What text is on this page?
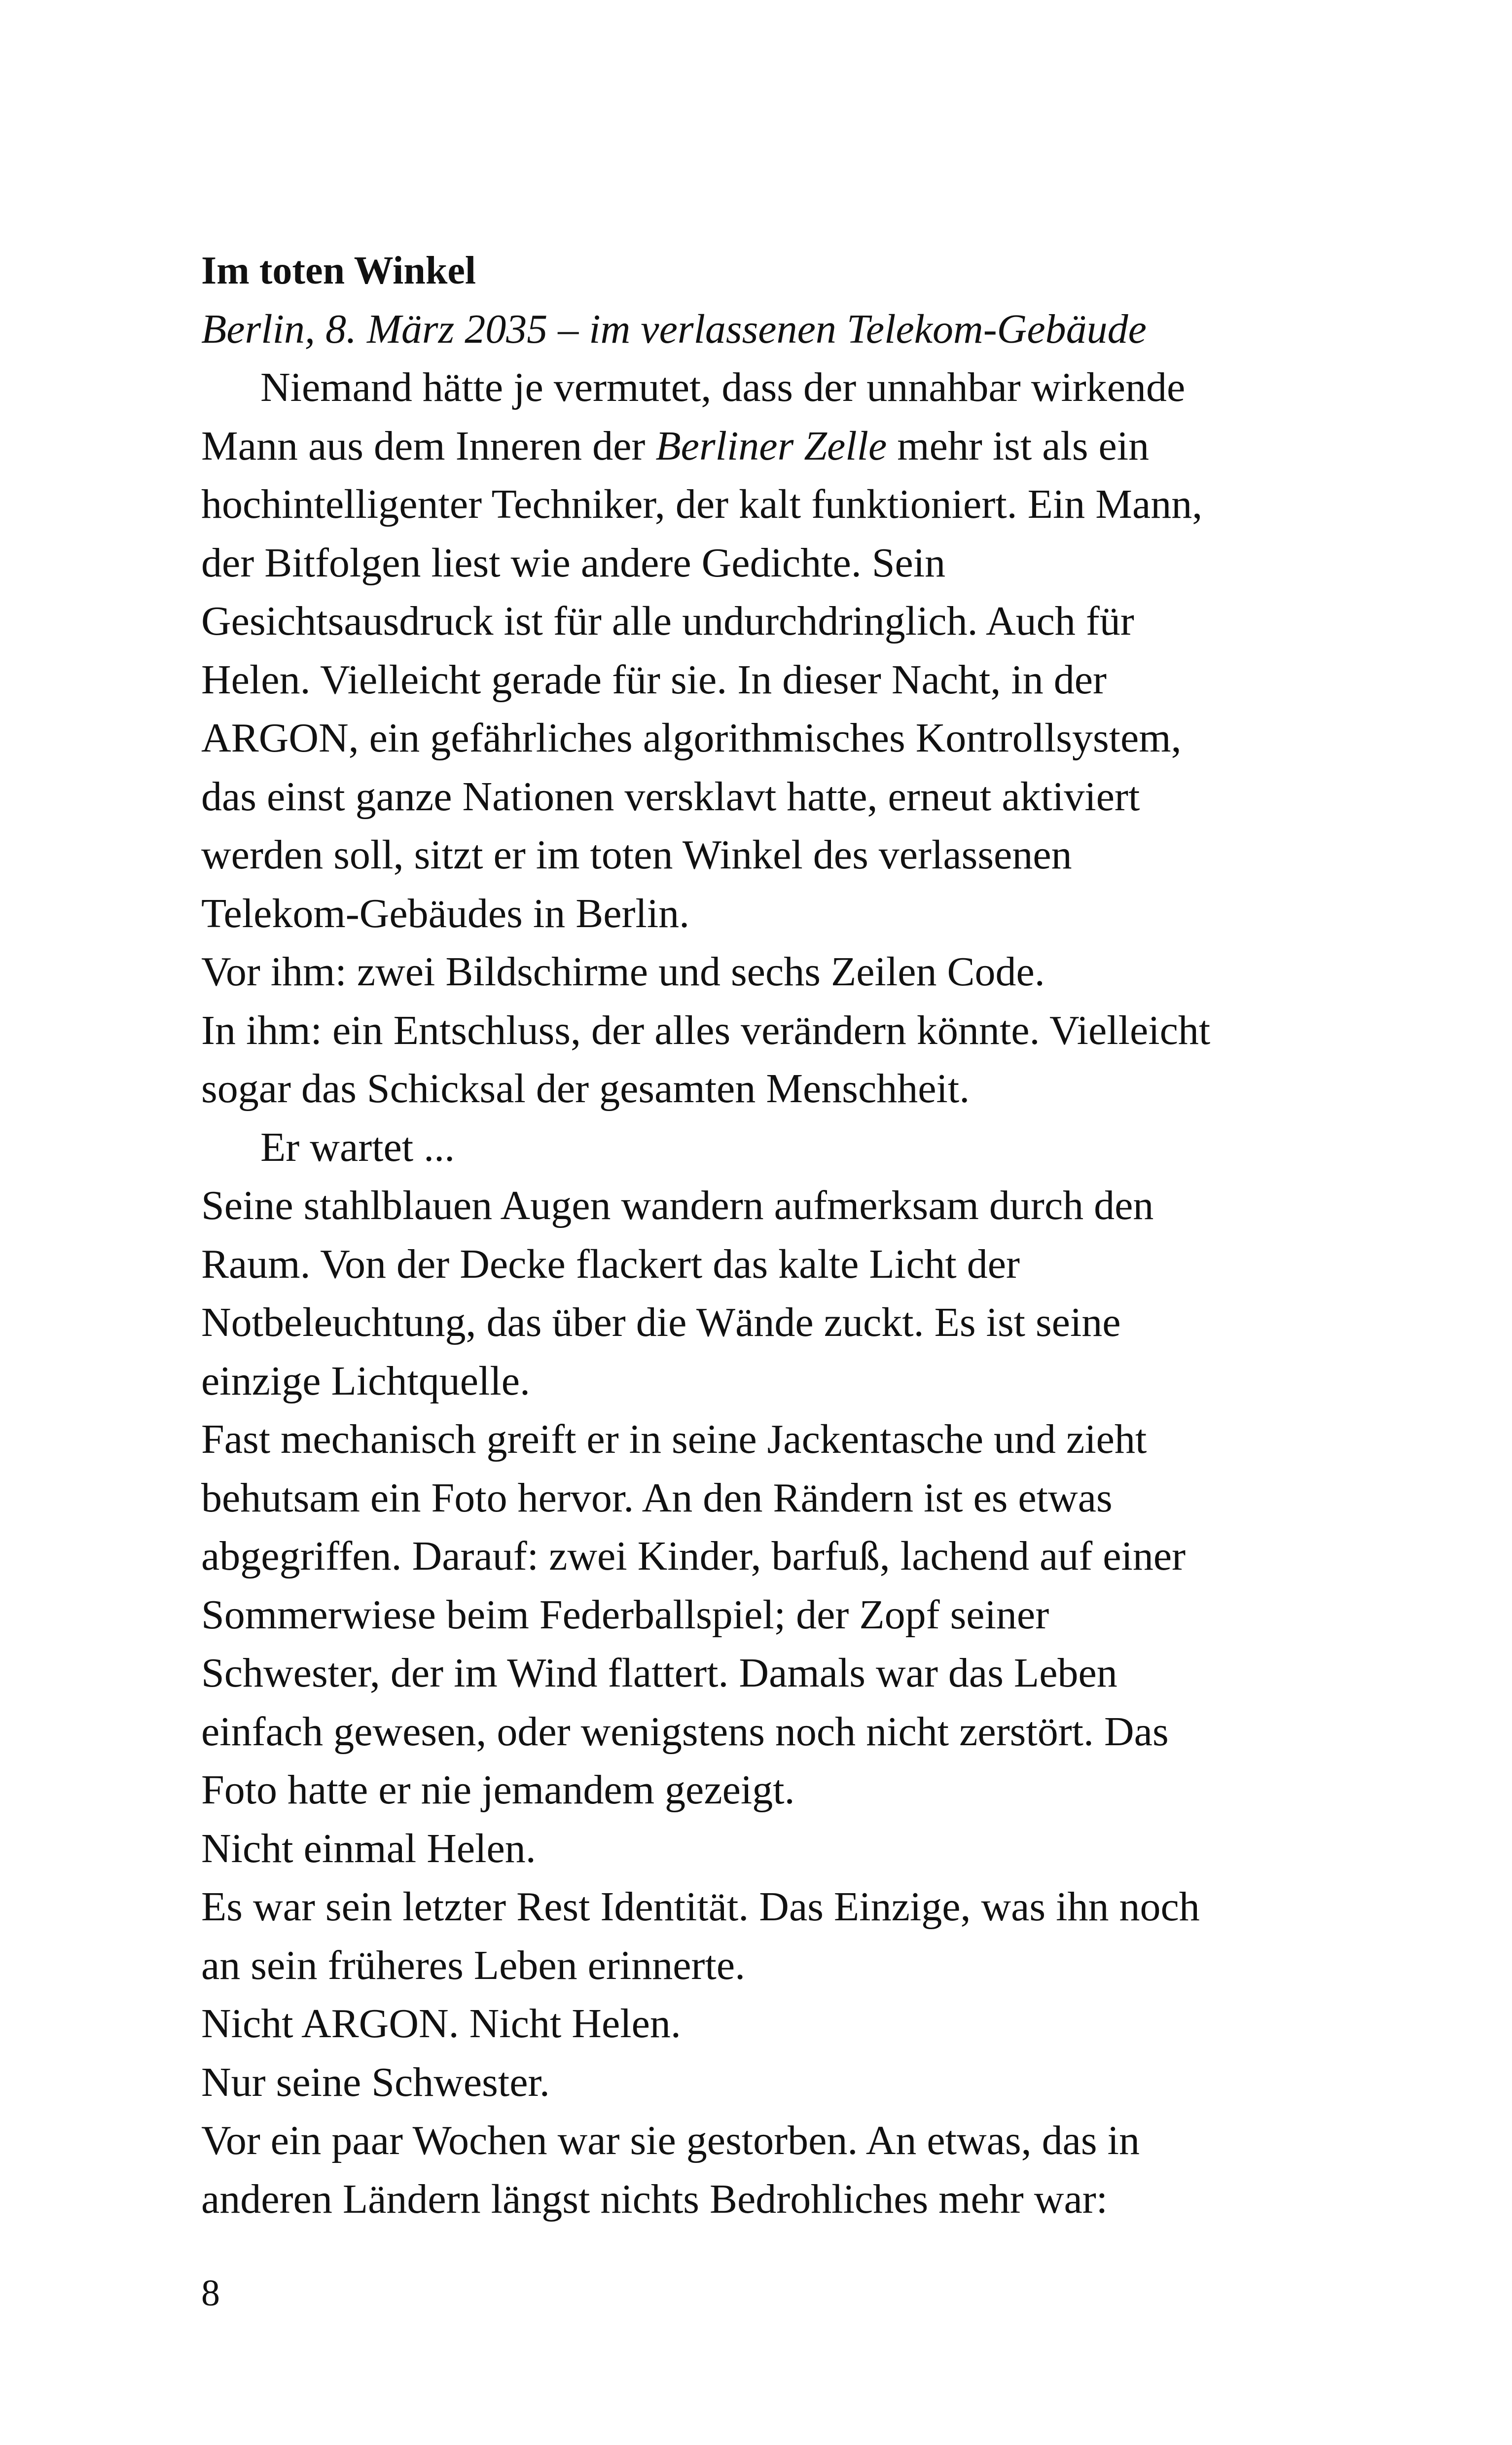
Im toten Winkel
Berlin, 8. März 2035 – im verlassenen Telekom-Gebäude
Niemand hätte je vermutet, dass der unnahbar wirkende
Mann aus dem Inneren der Berliner Zelle mehr ist als ein
hochintelligenter Techniker, der kalt funktioniert. Ein Mann,
der Bitfolgen liest wie andere Gedichte. Sein
Gesichtsausdruck ist für alle undurchdringlich. Auch für
Helen. Vielleicht gerade für sie. In dieser Nacht, in der
ARGON, ein gefährliches algorithmisches Kontrollsystem,
das einst ganze Nationen versklavt hatte, erneut aktiviert
werden soll, sitzt er im toten Winkel des verlassenen
Telekom-Gebäudes in Berlin.
Vor ihm: zwei Bildschirme und sechs Zeilen Code.
In ihm: ein Entschluss, der alles verändern könnte. Vielleicht
sogar das Schicksal der gesamten Menschheit.
Er wartet ...
Seine stahlblauen Augen wandern aufmerksam durch den
Raum. Von der Decke flackert das kalte Licht der
Notbeleuchtung, das über die Wände zuckt. Es ist seine
einzige Lichtquelle.
Fast mechanisch greift er in seine Jackentasche und zieht
behutsam ein Foto hervor. An den Rändern ist es etwas
abgegriffen. Darauf: zwei Kinder, barfuß, lachend auf einer
Sommerwiese beim Federballspiel; der Zopf seiner
Schwester, der im Wind flattert. Damals war das Leben
einfach gewesen, oder wenigstens noch nicht zerstört. Das
Foto hatte er nie jemandem gezeigt.
Nicht einmal Helen.
Es war sein letzter Rest Identität. Das Einzige, was ihn noch
an sein früheres Leben erinnerte.
Nicht ARGON. Nicht Helen.
Nur seine Schwester.
Vor ein paar Wochen war sie gestorben. An etwas, das in
anderen Ländern längst nichts Bedrohliches mehr war:
8
